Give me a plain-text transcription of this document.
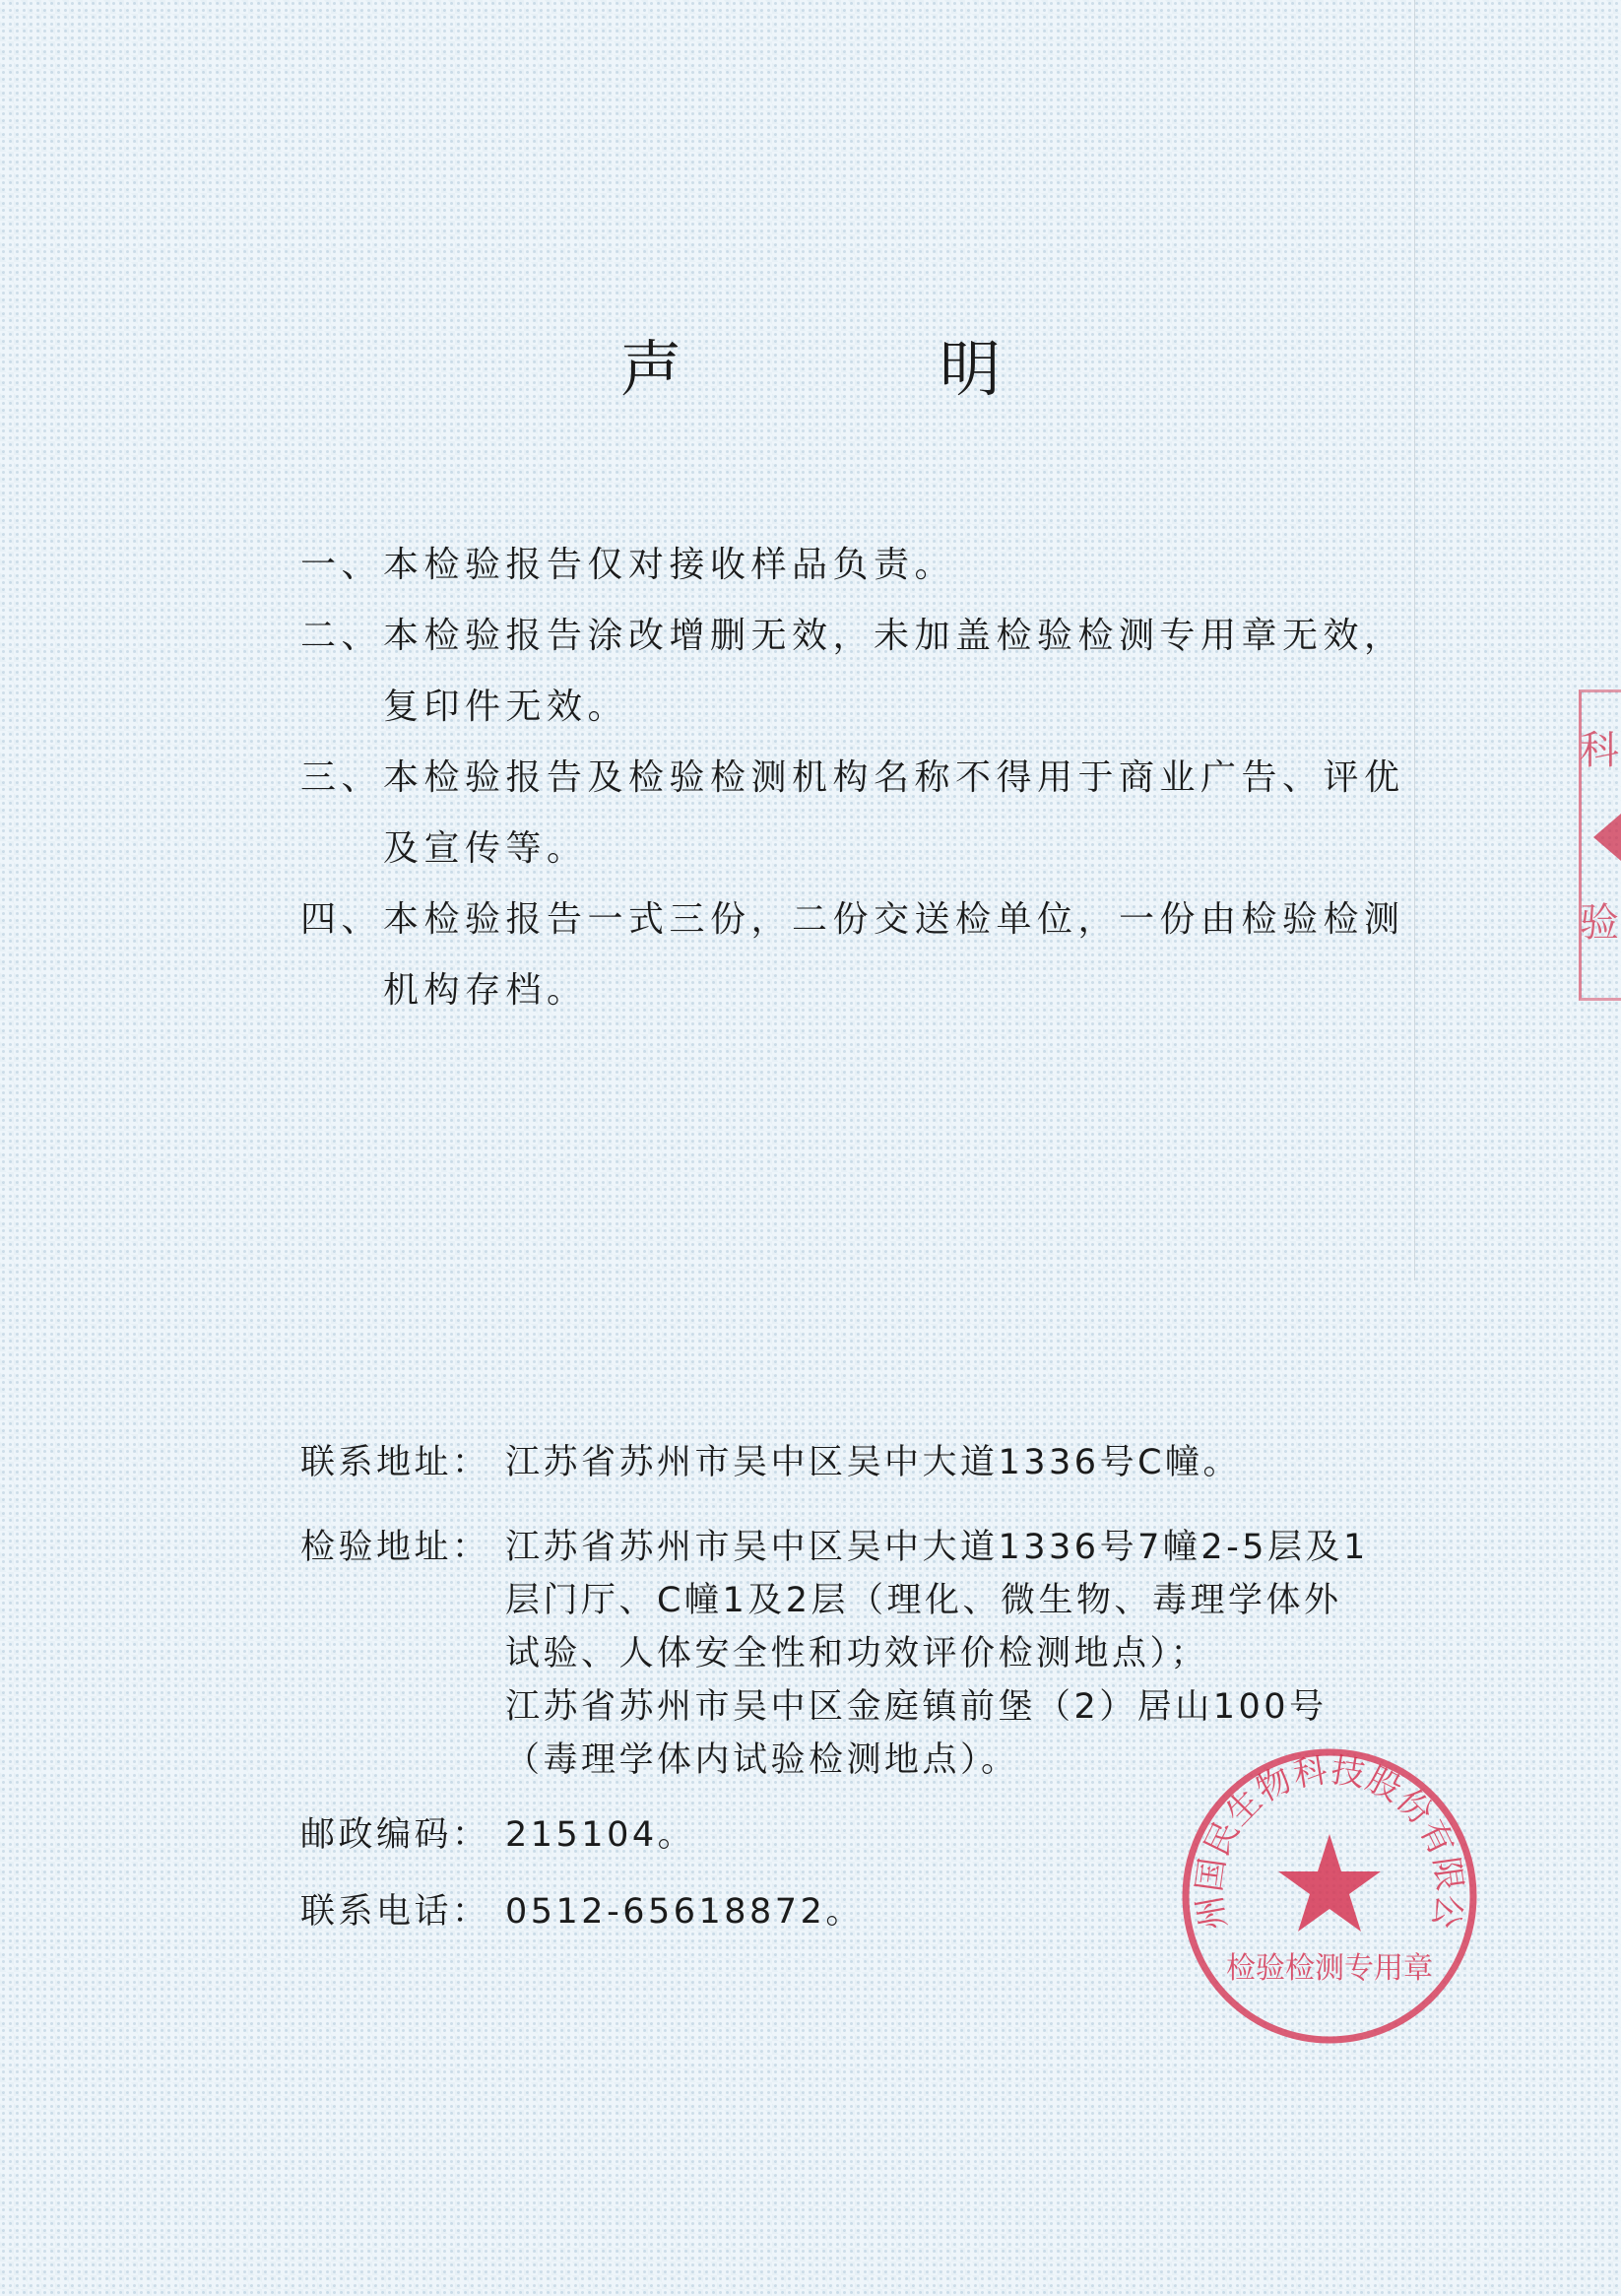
声　明
一、本检验报告仅对接收样品负责。
二、本检验报告涂改增删无效，未加盖检验检测专用章无效，
复印件无效。
三、本检验报告及检验检测机构名称不得用于商业广告、评优
及宣传等。
四、本检验报告一式三份，二份交送检单位，一份由检验检测
机构存档。
联系地址： 江苏省苏州市吴中区吴中大道1336号C幢。
检验地址： 江苏省苏州市吴中区吴中大道1336号7幢2-5层及1
层门厅、C幢1及2层（理化、微生物、毒理学体外
试验、人体安全性和功效评价检测地点）；
江苏省苏州市吴中区金庭镇前堡（2）居山100号
（毒理学体内试验检测地点）。
邮政编码： 215104。
联系电话： 0512-65618872。
科
验
州国民生物科技股份有限公
检验检测专用章
